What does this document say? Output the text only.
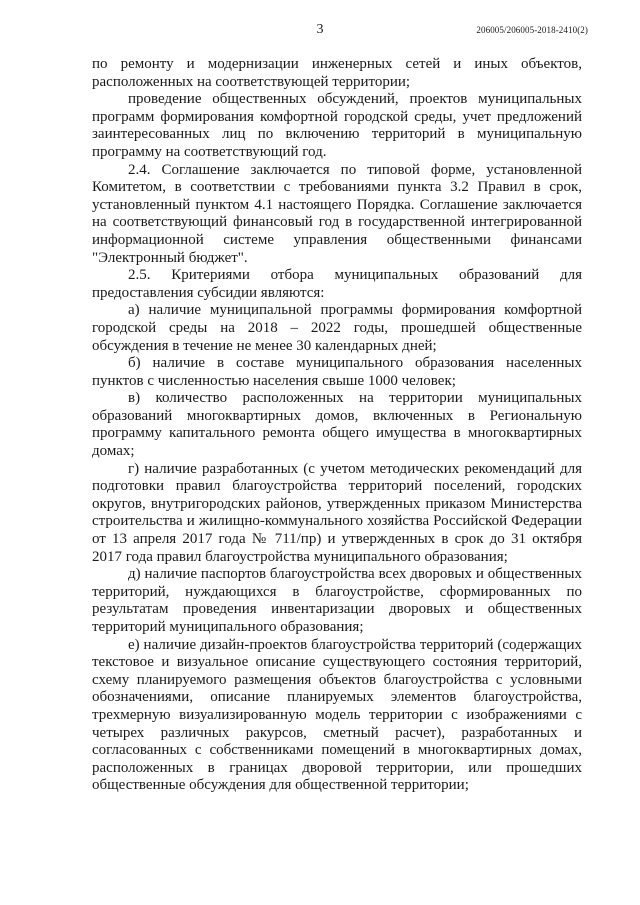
3	206005/206005-2018-2410(2)

по ремонту и модернизации инженерных сетей и иных объектов, расположенных на соответствующей территории;

проведение общественных обсуждений, проектов муниципальных программ формирования комфортной городской среды, учет предложений заинтересованных лиц по включению территорий в муниципальную программу на соответствующий год.

2.4. Соглашение заключается по типовой форме, установленной Комитетом, в соответствии с требованиями пункта 3.2 Правил в срок, установленный пунктом 4.1 настоящего Порядка. Соглашение заключается на соответствующий финансовый год в государственной интегрированной информационной системе управления общественными финансами "Электронный бюджет".

2.5. Критериями отбора муниципальных образований для предоставления субсидии являются:

а) наличие муниципальной программы формирования комфортной городской среды на 2018 – 2022 годы, прошедшей общественные обсуждения в течение не менее 30 календарных дней;

б) наличие в составе муниципального образования населенных пунктов с численностью населения свыше 1000 человек;

в) количество расположенных на территории муниципальных образований многоквартирных домов, включенных в Региональную программу капитального ремонта общего имущества в многоквартирных домах;

г) наличие разработанных (с учетом методических рекомендаций для подготовки правил благоустройства территорий поселений, городских округов, внутригородских районов, утвержденных приказом Министерства строительства и жилищно-коммунального хозяйства Российской Федерации от 13 апреля 2017 года № 711/пр) и утвержденных в срок до 31 октября 2017 года правил благоустройства муниципального образования;

д) наличие паспортов благоустройства всех дворовых и общественных территорий, нуждающихся в благоустройстве, сформированных по результатам проведения инвентаризации дворовых и общественных территорий муниципального образования;

е) наличие дизайн-проектов благоустройства территорий (содержащих текстовое и визуальное описание существующего состояния территорий, схему планируемого размещения объектов благоустройства с условными обозначениями, описание планируемых элементов благоустройства, трехмерную визуализированную модель территории с изображениями с четырех различных ракурсов, сметный расчет), разработанных и согласованных с собственниками помещений в многоквартирных домах, расположенных в границах дворовой территории, или прошедших общественные обсуждения для общественной территории;
